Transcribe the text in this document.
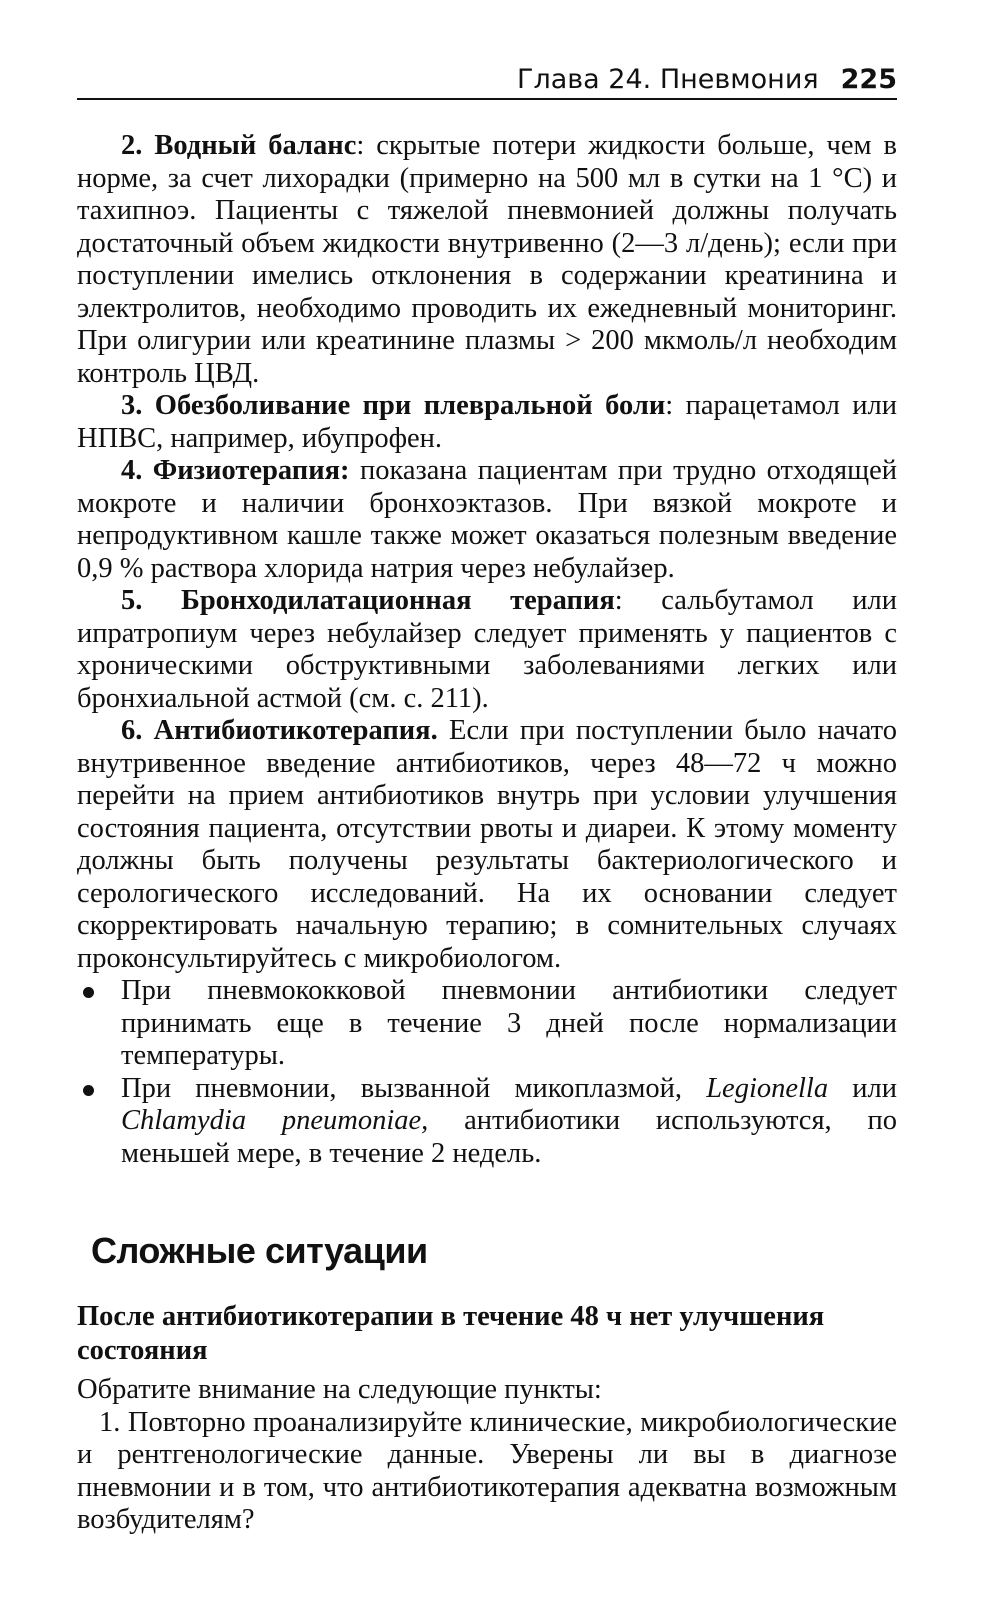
Глава 24. Пневмония 225

2. Водный баланс: скрытые потери жидкости больше, чем в норме, за счет лихорадки (примерно на 500 мл в сутки на 1 °С) и тахипноэ. Пациенты с тяжелой пневмонией должны получать достаточный объем жидкости внутривенно (2—3 л/день); если при поступлении имелись отклонения в содержании креатинина и электролитов, необходимо проводить их ежедневный мониторинг. При олигурии или креатинине плазмы > 200 мкмоль/л необходим контроль ЦВД.

3. Обезболивание при плевральной боли: парацетамол или НПВС, например, ибупрофен.

4. Физиотерапия: показана пациентам при трудно отходящей мокроте и наличии бронхоэктазов. При вязкой мокроте и непродуктивном кашле также может оказаться полезным введение 0,9 % раствора хлорида натрия через небулайзер.

5. Бронходилатационная терапия: сальбутамол или ипратропиум через небулайзер следует применять у пациентов с хроническими обструктивными заболеваниями легких или бронхиальной астмой (см. с. 211).

6. Антибиотикотерапия. Если при поступлении было начато внутривенное введение антибиотиков, через 48—72 ч можно перейти на прием антибиотиков внутрь при условии улучшения состояния пациента, отсутствии рвоты и диареи. К этому моменту должны быть получены результаты бактериологического и серологического исследований. На их основании следует скорректировать начальную терапию; в сомнительных случаях проконсультируйтесь с микробиологом.

При пневмококковой пневмонии антибиотики следует принимать еще в течение 3 дней после нормализации температуры.

При пневмонии, вызванной микоплазмой, Legionella или Chlamydia pneumoniae, антибиотики используются, по меньшей мере, в течение 2 недель.

Сложные ситуации
После антибиотикотерапии в течение 48 ч нет улучшения состояния

Обратите внимание на следующие пункты:

1. Повторно проанализируйте клинические, микробиологические и рентгенологические данные. Уверены ли вы в диагнозе пневмонии и в том, что антибиотикотерапия адекватна возможным возбудителям?
